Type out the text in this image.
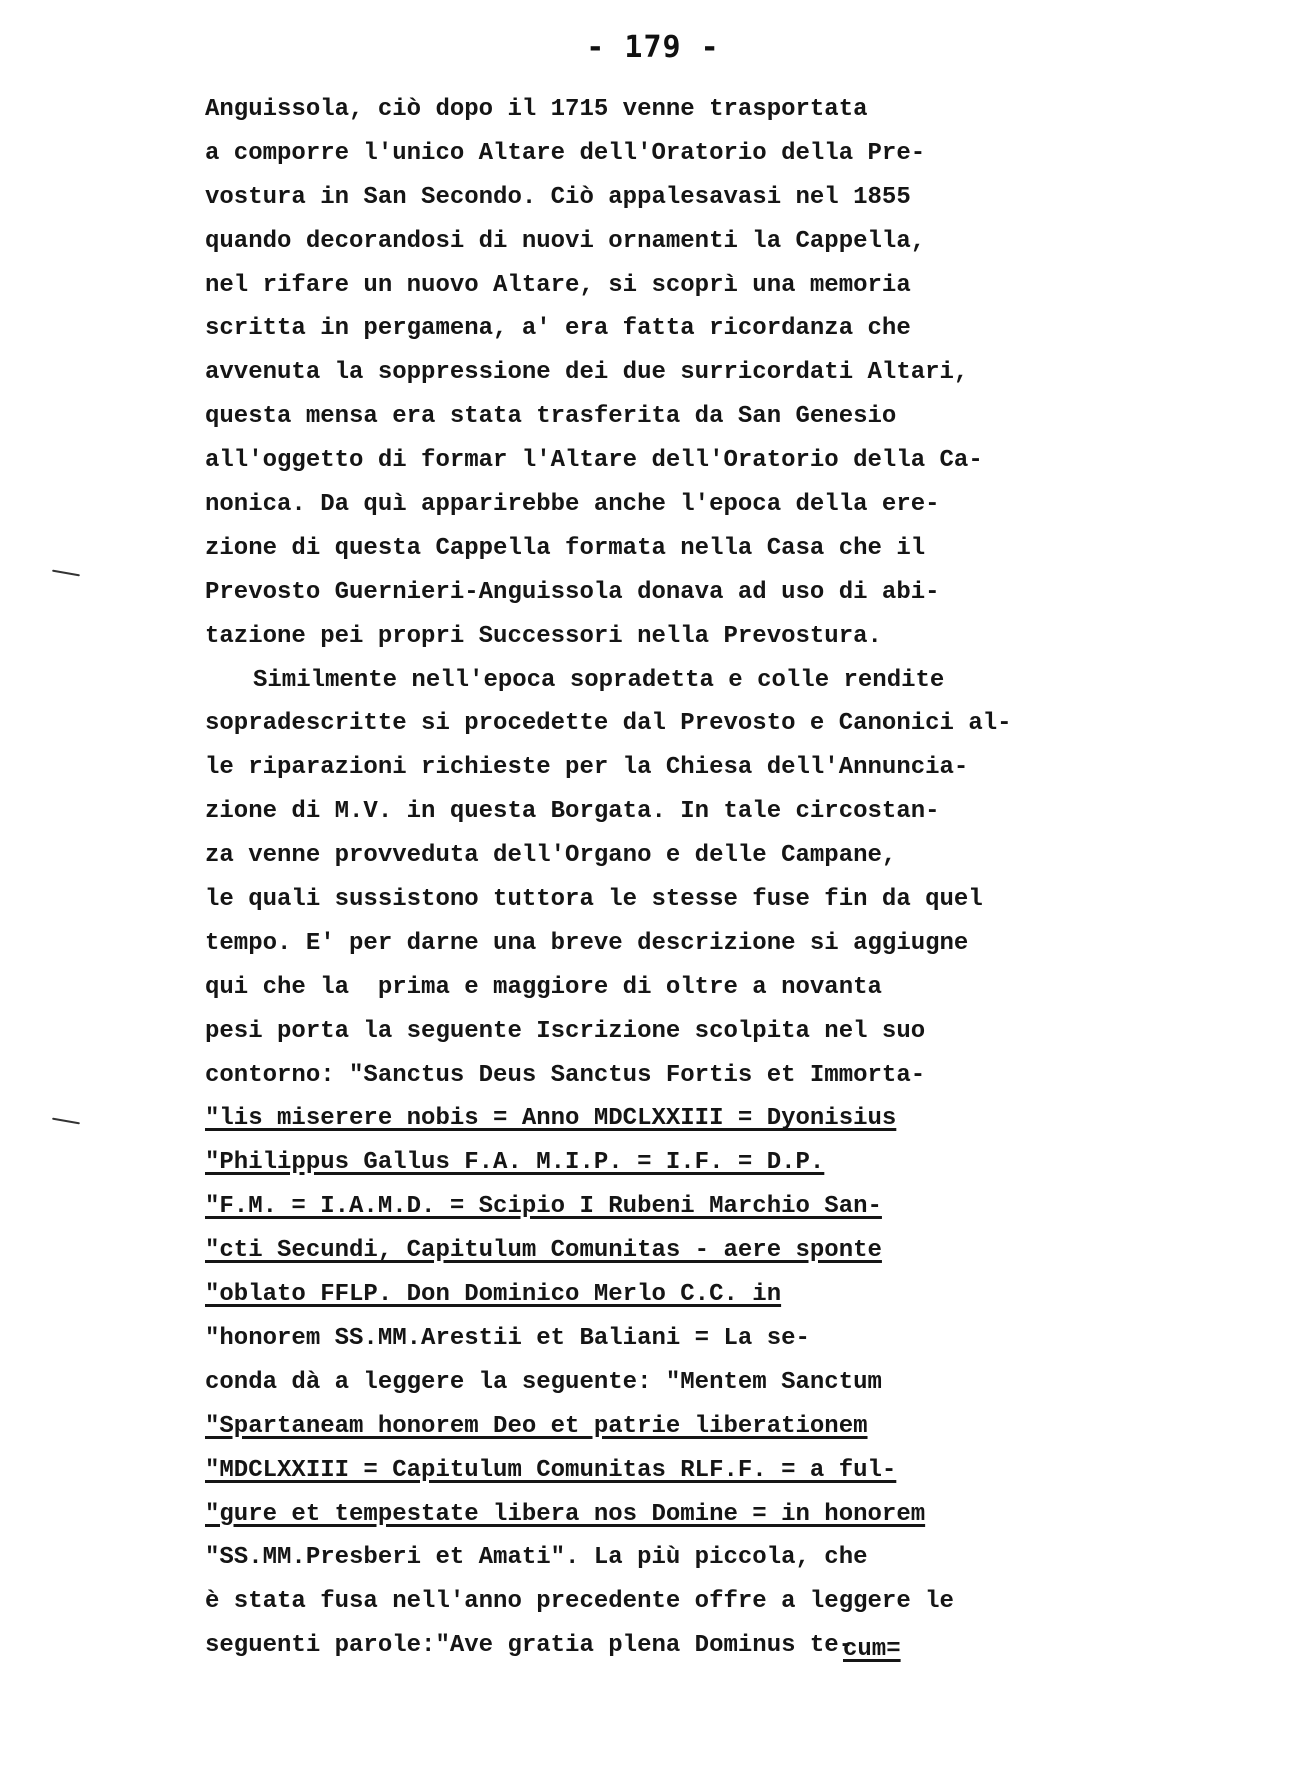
- 179 -
Anguissola, ciò dopo il 1715 venne trasportata
a comporre l'unico Altare dell'Oratorio della Pre-
vostura in San Secondo. Ciò appalesavasi nel 1855
quando decorandosi di nuovi ornamenti la Cappella,
nel rifare un nuovo Altare, si scoprì una memoria
scritta in pergamena, a' era fatta ricordanza che
avvenuta la soppressione dei due surricordati Altari,
questa mensa era stata trasferita da San Genesio
all'oggetto di formar l'Altare dell'Oratorio della Ca-
nonica. Da quì apparirebbe anche l'epoca della ere-
zione di questa Cappella formata nella Casa che il
Prevosto Guernieri-Anguissola donava ad uso di abi-
tazione pei propri Successori nella Prevostura.
Similmente nell'epoca sopradetta e colle rendite
sopradescritte si procedette dal Prevosto e Canonici al-
le riparazioni richieste per la Chiesa dell'Annuncia-
zione di M.V. in questa Borgata. In tale circostan-
za venne provveduta dell'Organo e delle Campane,
le quali sussistono tuttora le stesse fuse fin da quel
tempo. E' per darne una breve descrizione si aggiugne
qui che la  prima e maggiore di oltre a novanta
pesi porta la seguente Iscrizione scolpita nel suo
contorno: "Sanctus Deus Sanctus Fortis et Immorta-
"lis miserere nobis = Anno MDCLXXIII = Dyonisius
"Philippus Gallus F.A. M.I.P. = I.F. = D.P.
"F.M. = I.A.M.D. = Scipio I Rubeni Marchio San-
"cti Secundi, Capitulum Comunitas - aere sponte
"oblato FFLP. Don Dominico Merlo C.C. in
"honorem SS.MM.Arestii et Baliani = La se-
conda dà a leggere la seguente: "Mentem Sanctum
"Spartaneam honorem Deo et patrie liberationem
"MDCLXXIII = Capitulum Comunitas RLF.F. = a ful-
"gure et tempestate libera nos Domine = in honorem
"SS.MM.Presberi et Amati". La più piccola, che
è stata fusa nell'anno precedente offre a leggere le
seguenti parole:"Ave gratia plena Dominus te-
cum=
